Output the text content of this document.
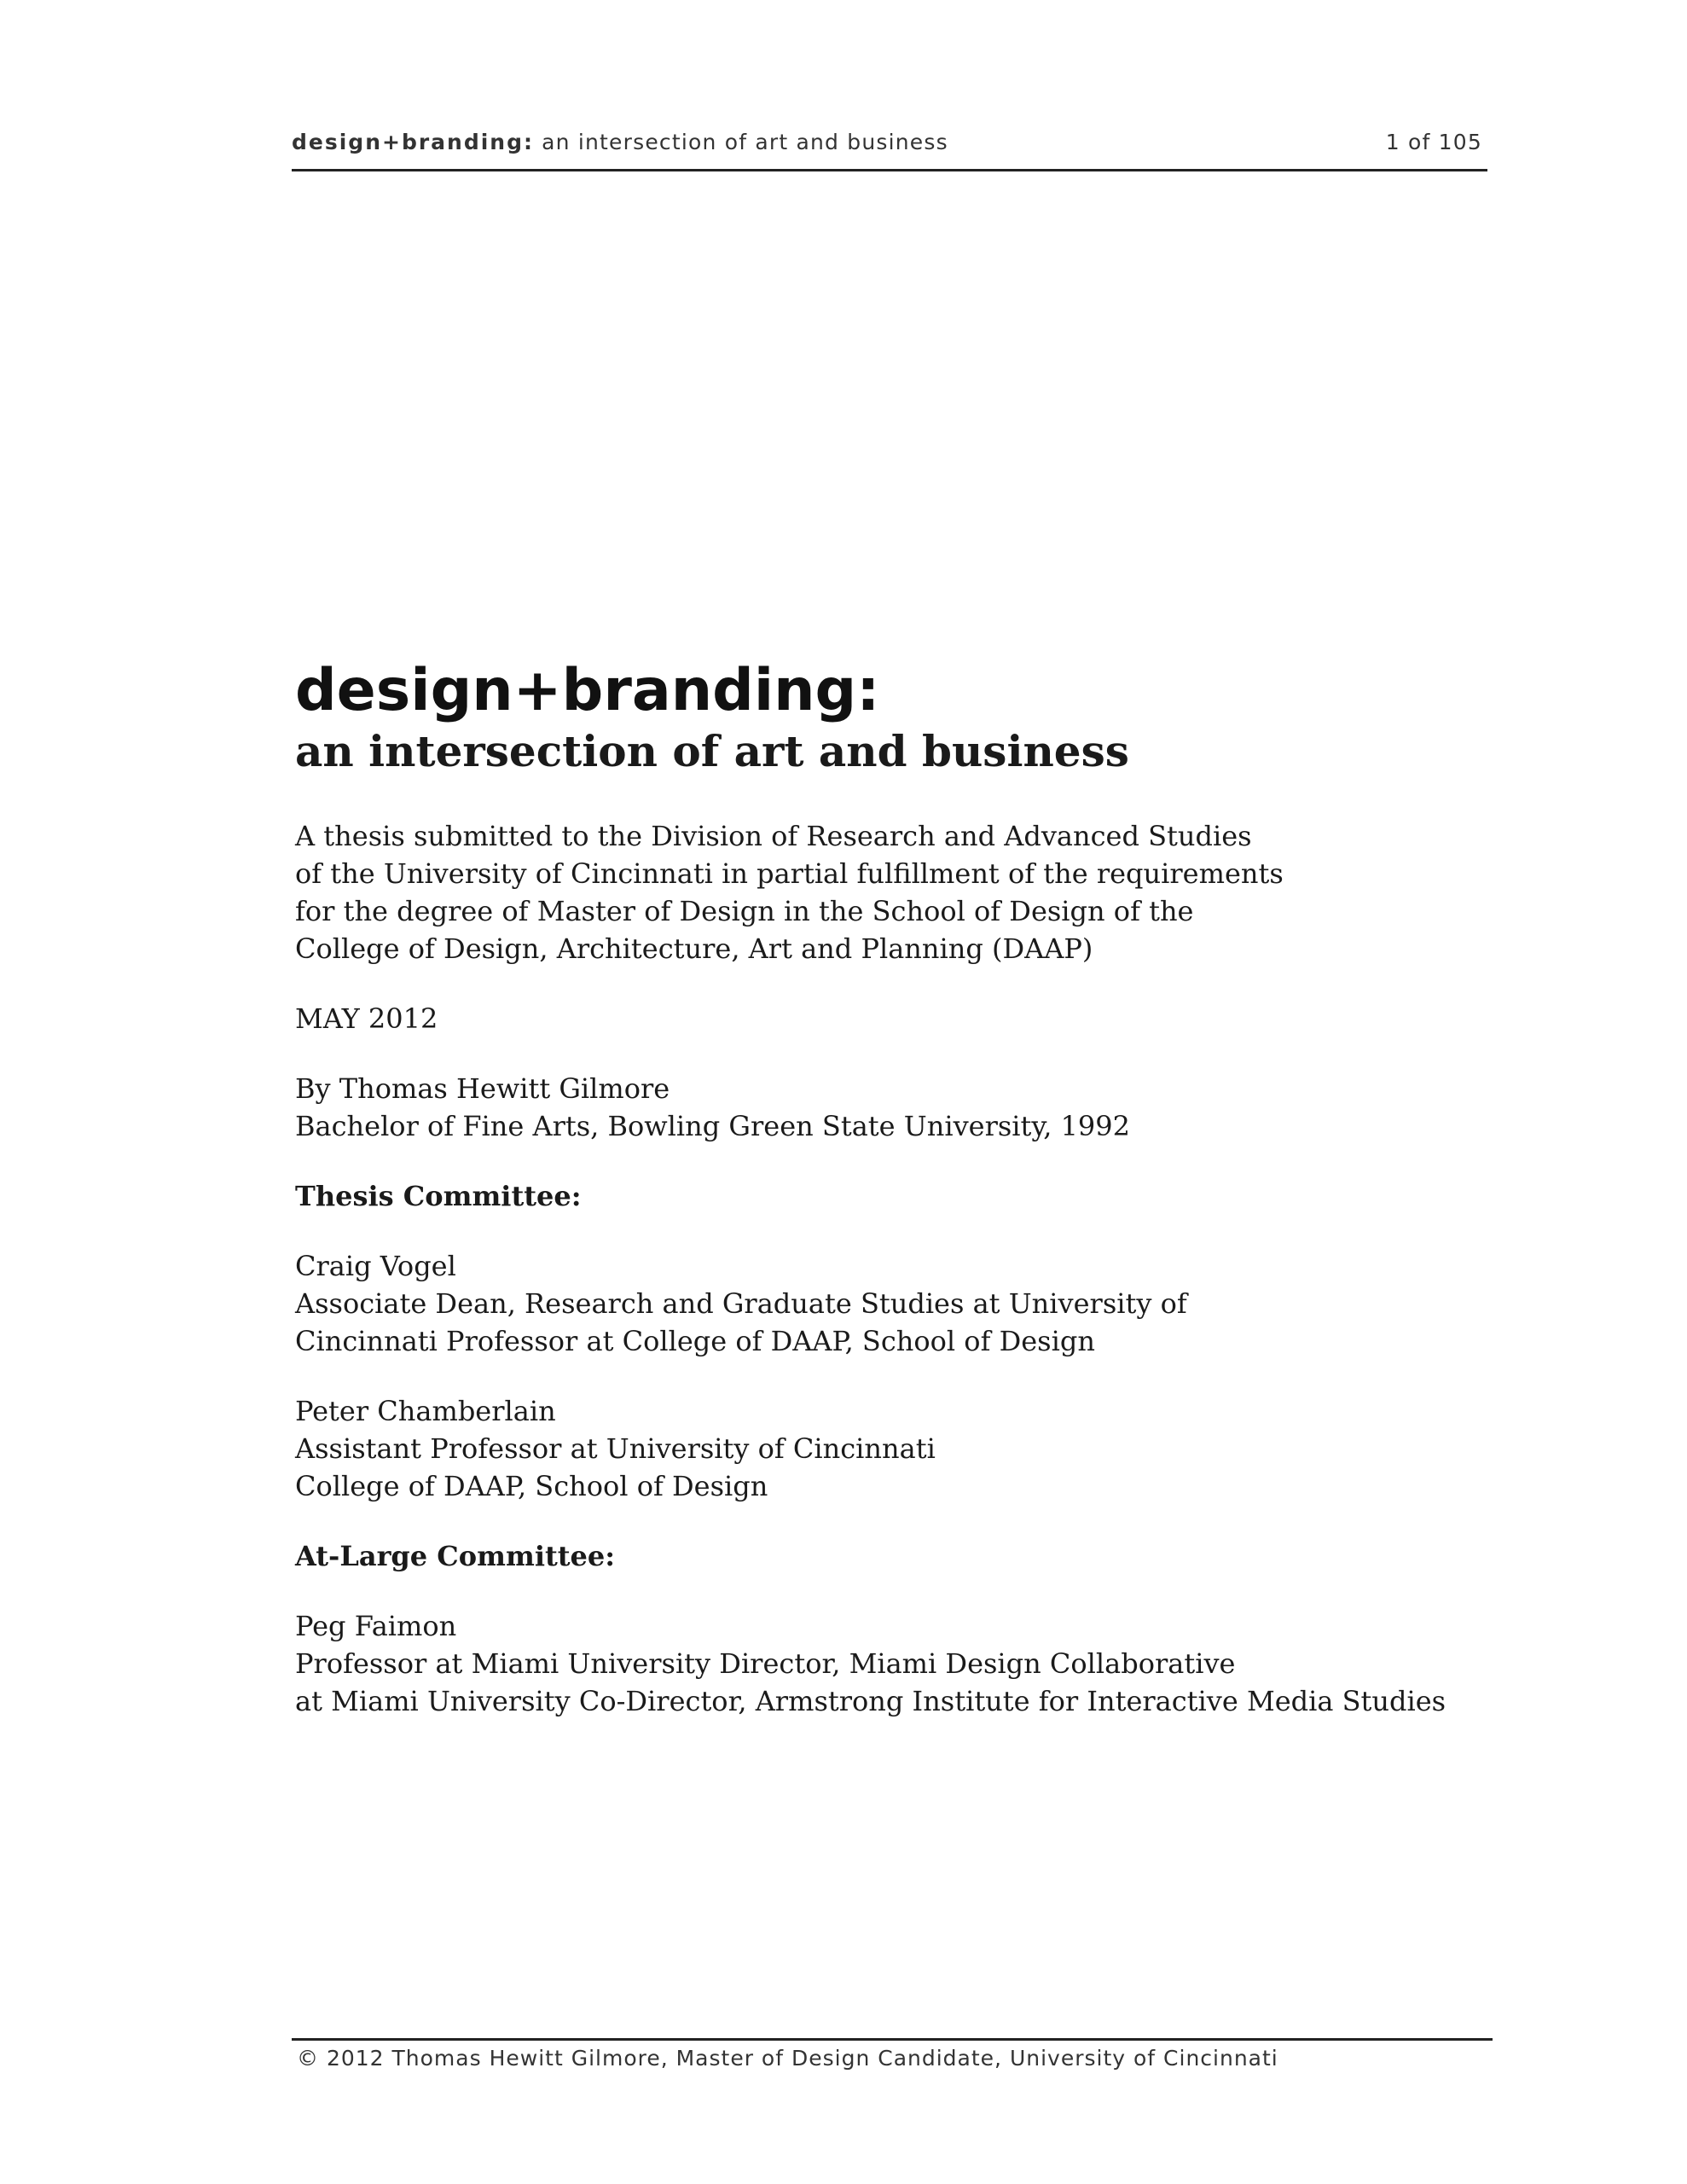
design+branding: an intersection of art and business	1 of 105
design+branding:
an intersection of art and business

A thesis submitted to the Division of Research and Advanced Studies
of the University of Cincinnati in partial fulfillment of the requirements
for the degree of Master of Design in the School of Design of the
College of Design, Architecture, Art and Planning (DAAP)

MAY 2012

By Thomas Hewitt Gilmore
Bachelor of Fine Arts, Bowling Green State University, 1992

Thesis Committee:

Craig Vogel
Associate Dean, Research and Graduate Studies at University of
Cincinnati Professor at College of DAAP, School of Design

Peter Chamberlain
Assistant Professor at University of Cincinnati
College of DAAP, School of Design

At-Large Committee:

Peg Faimon
Professor at Miami University Director, Miami Design Collaborative
at Miami University Co-Director, Armstrong Institute for Interactive Media Studies

© 2012 Thomas Hewitt Gilmore, Master of Design Candidate, University of Cincinnati
